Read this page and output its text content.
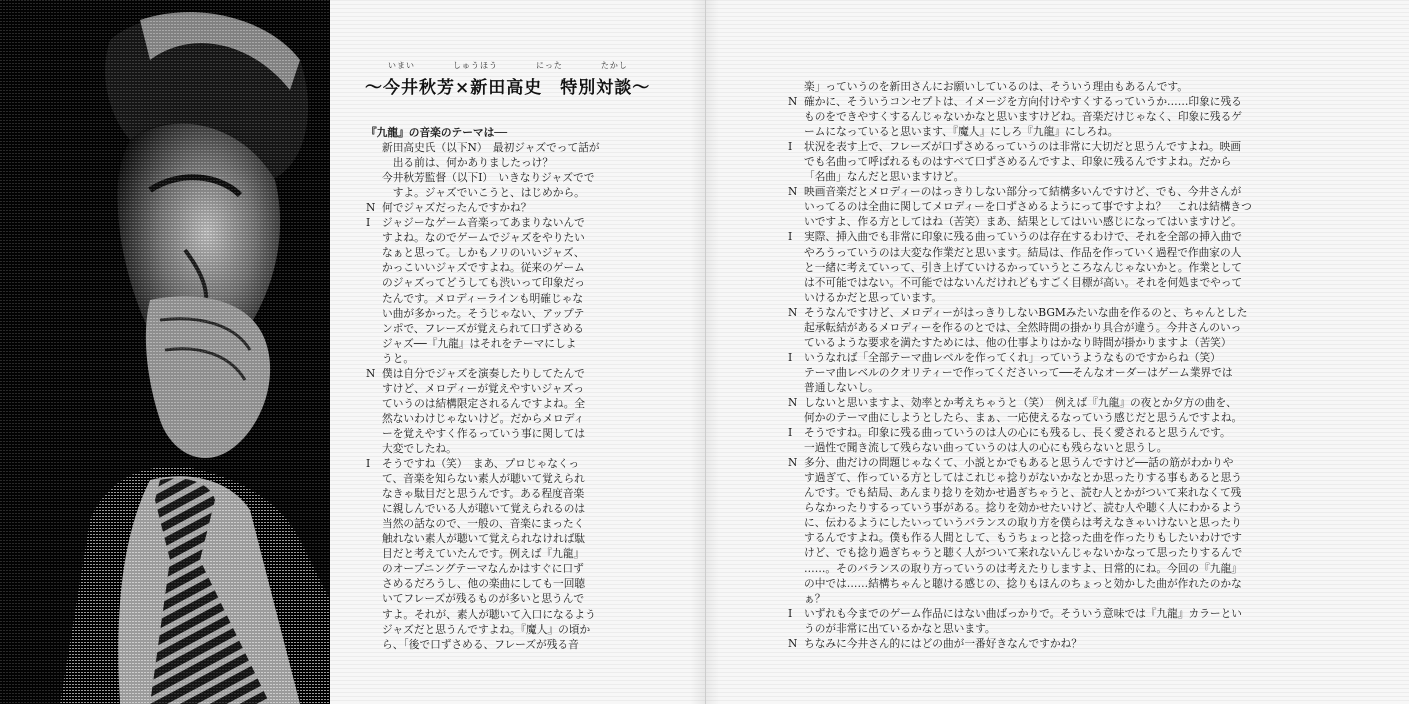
いまい	しゅうほう	にった	たかし
〜今井秋芳×新田高史　特別対談〜
『九龍』の音楽のテーマは──
新田高史氏（以下N）　最初ジャズでって話が
　出る前は、何かありましたっけ？
今井秋芳監督（以下I）　いきなりジャズでで
　すよ。ジャズでいこうと、はじめから。
N 何でジャズだったんですかね？
I ジャジーなゲーム音楽ってあまりないんで
すよね。なのでゲームでジャズをやりたい
なぁと思って。しかもノリのいいジャズ、
かっこいいジャズですよね。従来のゲーム
のジャズってどうしても渋いって印象だっ
たんです。メロディーラインも明確じゃな
い曲が多かった。そうじゃない、アップテ
ンポで、フレーズが覚えられて口ずさめる
ジャズ──『九龍』はそれをテーマにしよ
うと。
N 僕は自分でジャズを演奏したりしてたんで
すけど、メロディーが覚えやすいジャズっ
ていうのは結構限定されるんですよね。全
然ないわけじゃないけど。だからメロディ
ーを覚えやすく作るっていう事に関しては
大変でしたね。
I そうですね（笑）　まあ、プロじゃなくっ
て、音楽を知らない素人が聴いて覚えられ
なきゃ駄目だと思うんです。ある程度音楽
に親しんでいる人が聴いて覚えられるのは
当然の話なので、一般の、音楽にまったく
触れない素人が聴いて覚えられなければ駄
目だと考えていたんです。例えば『九龍』
のオープニングテーマなんかはすぐに口ず
さめるだろうし、他の楽曲にしても一回聴
いてフレーズが残るものが多いと思うんで
すよ。それが、素人が聴いて入口になるよう
ジャズだと思うんですよね。『魔人』の頃か
ら、「後で口ずさめる、フレーズが残る音
楽」っていうのを新田さんにお願いしているのは、そういう理由もあるんです。
N 確かに、そういうコンセプトは、イメージを方向付けやすくするっていうか……印象に残る
ものをできやすくするんじゃないかなと思いますけどね。音楽だけじゃなく、印象に残るゲ
ームになっていると思います、『魔人』にしろ『九龍』にしろね。
I 状況を表す上で、フレーズが口ずさめるっていうのは非常に大切だと思うんですよね。映画
でも名曲って呼ばれるものはすべて口ずさめるんですよ、印象に残るんですよね。だから
「名曲」なんだと思いますけど。
N 映画音楽だとメロディーのはっきりしない部分って結構多いんですけど、でも、今井さんが
いってるのは全曲に関してメロディーを口ずさめるようにって事ですよね？　これは結構きつ
いですよ、作る方としてはね（苦笑）まあ、結果としてはいい感じになってはいますけど。
I 実際、挿入曲でも非常に印象に残る曲っていうのは存在するわけで、それを全部の挿入曲で
やろうっていうのは大変な作業だと思います。結局は、作品を作っていく過程で作曲家の人
と一緒に考えていって、引き上げていけるかっていうところなんじゃないかと。作業として
は不可能ではない。不可能ではないんだけれどもすごく目標が高い。それを何処までやって
いけるかだと思っています。
N そうなんですけど、メロディーがはっきりしないBGMみたいな曲を作るのと、ちゃんとした
起承転結があるメロディーを作るのとでは、全然時間の掛かり具合が違う。今井さんのいっ
ているような要求を満たすためには、他の仕事よりはかなり時間が掛かりますよ（苦笑）
I いうなれば「全部テーマ曲レベルを作ってくれ」っていうようなものですからね（笑）
テーマ曲レベルのクオリティーで作ってくださいって──そんなオーダーはゲーム業界では
普通しないし。
N しないと思いますよ、効率とか考えちゃうと（笑）　例えば『九龍』の夜とか夕方の曲を、
何かのテーマ曲にしようとしたら、まぁ、一応使えるなっていう感じだと思うんですよね。
I そうですね。印象に残る曲っていうのは人の心にも残るし、長く愛されると思うんです。
一過性で聞き流して残らない曲っていうのは人の心にも残らないと思うし。
N 多分、曲だけの問題じゃなくて、小説とかでもあると思うんですけど──話の筋がわかりや
す過ぎて、作っている方としてはこれじゃ捻りがないかなとか思ったりする事もあると思う
んです。でも結局、あんまり捻りを効かせ過ぎちゃうと、読む人とかがついて来れなくて残
らなかったりするっていう事がある。捻りを効かせたいけど、読む人や聴く人にわかるよう
に、伝わるようにしたいっていうバランスの取り方を僕らは考えなきゃいけないと思ったり
するんですよね。僕も作る人間として、もうちょっと捻った曲を作ったりもしたいわけです
けど、でも捻り過ぎちゃうと聴く人がついて来れないんじゃないかなって思ったりするんで
……。そのバランスの取り方っていうのは考えたりしますよ、日常的にね。今回の『九龍』
の中では……結構ちゃんと聴ける感じの、捻りもほんのちょっと効かした曲が作れたのかな
ぁ？
I いずれも今までのゲーム作品にはない曲ばっかりで。そういう意味では『九龍』カラーとい
うのが非常に出ているかなと思います。
N ちなみに今井さん的にはどの曲が一番好きなんですかね？
